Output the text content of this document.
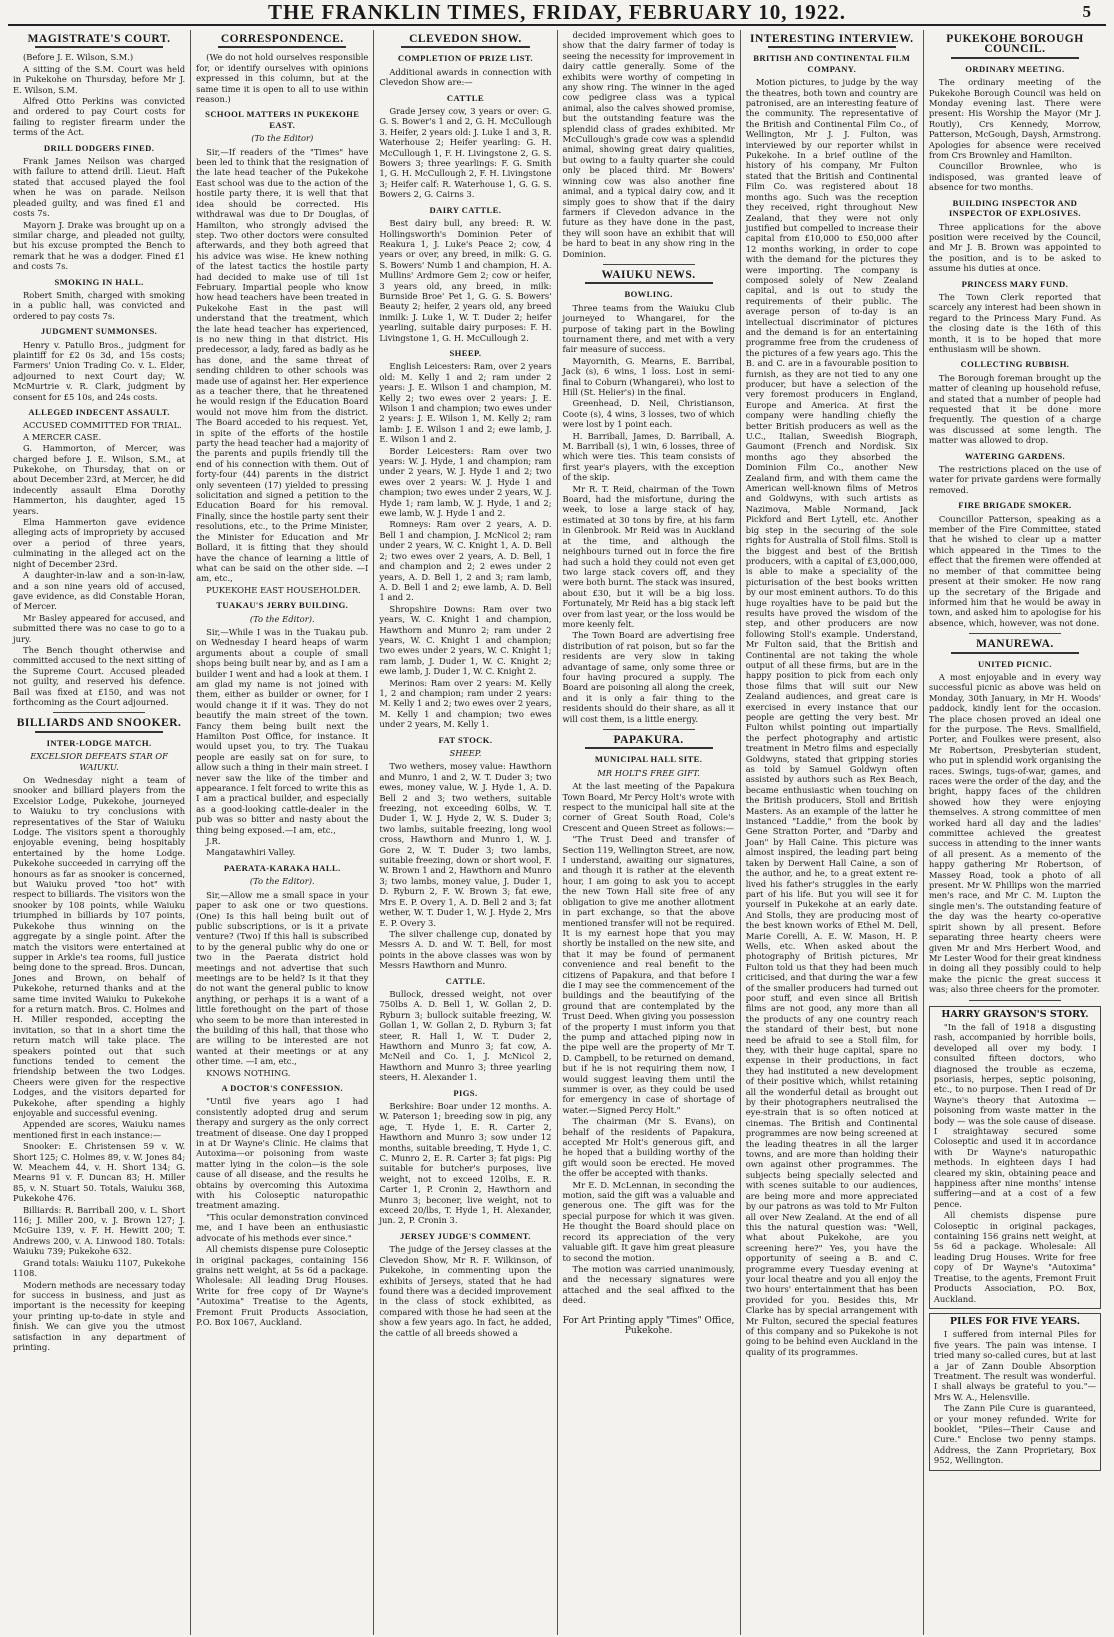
THE FRANKLIN TIMES, FRIDAY, FEBRUARY 10, 1922.	5
MAGISTRATE'S COURT.

(Before J. E. Wilson, S.M.)

A sitting of the S.M. Court was held in Pukekohe on Thursday, before Mr J. E. Wilson, S.M.

Alfred Otto Perkins was convicted and ordered to pay Court costs for failing to register firearm under the terms of the Act.

DRILL DODGERS FINED.

Frank James Neilson was charged with failure to attend drill. Lieut. Haft stated that accused played the fool when he was on parade. Neilson pleaded guilty, and was fined £1 and costs 7s.

Mayorn J. Drake was brought up on a similar charge, and pleaded not guilty, but his excuse prompted the Bench to remark that he was a dodger. Fined £1 and costs 7s.

SMOKING IN HALL.

Robert Smith, charged with smoking in a public hall, was convicted and ordered to pay costs 7s.

JUDGMENT SUMMONSES.

Henry v. Patullo Bros., judgment for plaintiff for £2 0s 3d, and 15s costs; Farmers' Union Trading Co. v. L. Elder, adjourned to next Court day; W. McMurtrie v. R. Clark, judgment by consent for £5 10s, and 24s costs.

ALLEGED INDECENT ASSAULT.

ACCUSED COMMITTED FOR TRIAL.

A MERCER CASE.

G. Hammorton, of Mercer, was charged before J. E. Wilson, S.M., at Pukekohe, on Thursday, that on or about December 23rd, at Mercer, he did indecently assault Elma Dorothy Hammerton, his daughter, aged 15 years.

Elma Hammerton gave evidence alleging acts of impropriety by accused over a period of three years, culminating in the alleged act on the night of December 23rd.

A daughter-in-law and a son-in-law, and a son nine years old of accused, gave evidence, as did Constable Horan, of Mercer.

Mr Basley appeared for accused, and submitted there was no case to go to a jury.

The Bench thought otherwise and committed accused to the next sitting of the Supreme Court. Accused pleaded not guilty, and reserved his defence. Bail was fixed at £150, and was not forthcoming as the Court adjourned.

BILLIARDS AND SNOOKER.
INTER-LODGE MATCH.
EXCELSIOR DEFEATS STAR OF WAIUKU.

On Wednesday night a team of snooker and billiard players from the Excelsior Lodge, Pukekohe, journeyed to Waiuku to try conclusions with representatives of the Star of Waiuku Lodge. The visitors spent a thoroughly enjoyable evening, being hospitably entertained by the home Lodge. Pukekohe succeeded in carrying off the honours as far as snooker is concerned, but Waiuku proved "too hot" with respect to billiards. The visitors won the snooker by 108 points, while Waiuku triumphed in billiards by 107 points, Pukekohe thus winning on the aggregate by a single point. After the match the visitors were entertained at supper in Arkle's tea rooms, full justice being done to the spread. Bros. Duncan, Jones and Brown, on behalf of Pukekohe, returned thanks and at the same time invited Waiuku to Pukekohe for a return match. Bros. C. Holmes and H. Miller responded, accepting the invitation, so that in a short time the return match will take place. The speakers pointed out that such functions tended to cement the friendship between the two Lodges. Cheers were given for the respective Lodges, and the visitors departed for Pukekohe, after spending a highly enjoyable and successful evening.

Appended are scores, Waiuku names mentioned first in each instance:—

Snooker: E. Christensen 59 v. W. Short 125; C. Holmes 89, v. W. Jones 84; W. Meachem 44, v. H. Short 134; G. Mearns 91 v. F. Duncan 83; H. Miller 85, v. N. Stuart 50. Totals, Waiuku 368, Pukekohe 476.

Billiards: R. Barriball 200, v. L. Short 116; J. Miller 200, v. J. Brown 127; J. McGuire 139, v. F. H. Hewitt 200; T. Andrews 200, v. A. Linwood 180. Totals: Waiuku 739; Pukekohe 632.

Grand totals: Waiuku 1107, Pukekohe 1108.

Modern methods are necessary today for success in business, and just as important is the necessity for keeping your printing up-to-date in style and finish. We can give you the utmost satisfaction in any department of printing.

CORRESPONDENCE.

(We do not hold ourselves responsible for, or identify ourselves with opinions expressed in this column, but at the same time it is open to all to use within reason.)

SCHOOL MATTERS IN PUKEKOHE EAST.
(To the Editor)

Sir,—If readers of the "Times" have been led to think that the resignation of the late head teacher of the Pukekohe East school was due to the action of the hostile party there, it is well that that idea should be corrected. His withdrawal was due to Dr Douglas, of Hamilton, who strongly advised the step. Two other doctors were consulted afterwards, and they both agreed that his advice was wise. He knew nothing of the latest tactics the hostile party had decided to make use of till 1st February. Impartial people who know how head teachers have been treated in Pukekohe East in the past will understand that the treatment, which the late head teacher has experienced, is no new thing in that district. His predecessor, a lady, fared as badly as he has done, and the same threat of sending children to other schools was made use of against her. Her experience as a teacher there, that he threatened he would resign if the Education Board would not move him from the district. The Board acceded to his request. Yet, in spite of the efforts of the hostile party the head teacher had a majority of the parents and pupils friendly till the end of his connection with them. Out of forty-four (44) parents in the district only seventeen (17) yielded to pressing solicitation and signed a petition to the Education Board for his removal. Finally, since the hostile party sent their resolutions, etc., to the Prime Minister, the Minister for Education and Mr Bollard, it is fitting that they should have the chance of learning a little of what can be said on the other side. —I am, etc.,

PUKEKOHE EAST HOUSEHOLDER.

TUAKAU'S JERRY BUILDING.
(To the Editor).

Sir,—While I was in the Tuakau pub. on Wednesday I heard heaps of warm arguments about a couple of small shops being built near by, and as I am a builder I went and had a look at them. I am glad my name is not joined with them, either as builder or owner, for I would change it if it was. They do not beautify the main street of the town. Fancy them being built next the Hamilton Post Office, for instance. It would upset you, to try. The Tuakau people are easily sat on for sure, to allow such a thing in their main street. I never saw the like of the timber and appearance. I felt forced to write this as I am a practical builder, and especially as a good-looking cattle-dealer in the pub was so bitter and nasty about the thing being exposed.—I am, etc.,

J.R.

Mangatawhiri Valley.

PAERATA-KARAKA HALL.
(To the Editor).

Sir,—Allow me a small space in your paper to ask one or two questions. (One) Is this hall being built out of public subscriptions, or is it a private venture? (Two) If this hall is subscribed to by the general public why do one or two in the Paerata district hold meetings and not advertise that such meetings are to be held? Is it that they do not want the general public to know anything, or perhaps it is a want of a little forethought on the part of those who seem to be more than interested in the building of this hall, that those who are willing to be interested are not wanted at their meetings or at any other time. —I am, etc.,

KNOWS NOTHING.

A DOCTOR'S CONFESSION.

"Until five years ago I had consistently adopted drug and serum therapy and surgery as the only correct treatment of disease. One day I propped in at Dr Wayne's Clinic. He claims that Autoxima—or poisoning from waste matter lying in the colon—is the sole cause of all disease, and the results he obtains by overcoming this Autoxima with his Coloseptic naturopathic treatment amazing.

"This ocular demonstration convinced me, and I have been an enthusiastic advocate of his methods ever since."

All chemists dispense pure Coloseptic in original packages, containing 156 grains nett weight, at 5s 6d a package. Wholesale: All leading Drug Houses. Write for free copy of Dr Wayne's "Autoxima" Treatise to the Agents, Fremont Fruit Products Association, P.O. Box 1067, Auckland.

CLEVEDON SHOW.
COMPLETION OF PRIZE LIST.

Additional awards in connection with Clevedon Show are:—

CATTLE

Grade Jersey cow, 3 years or over: G. G. S. Bower's 1 and 2, G. H. McCullough 3. Heifer, 2 years old: J. Luke 1 and 3, R. Waterhouse 2; Heifer yearling: G. H. McCullough 1, F. H. Livingstone 2, G. S. Bowers 3; three yearlings: F. G. Smith 1, G. H. McCullough 2, F. H. Livingstone 3; Heifer calf: R. Waterhouse 1, G. G. S. Bowers 2, G. Cairns 3.

DAIRY CATTLE.

Best dairy bull, any breed: R. W. Hollingsworth's Dominion Peter of Reakura 1, J. Luke's Peace 2; cow, 4 years or over, any breed, in milk: G. G. S. Bowers' Numb 1 and champion, H. A. Mullins' Ardmore Gem 2; cow or heifer, 3 years old, any breed, in milk: Burnside Broe' Pet 1, G. G. S. Bowers' Beauty 2; heifer, 2 years old, any breed inmilk: J. Luke 1, W. T. Duder 2; heifer yearling, suitable dairy purposes: F. H. Livingstone 1, G. H. McCullough 2.

SHEEP.

English Leicesters: Ram, over 2 years old: M. Kelly 1 and 2; ram under 2 years: J. E. Wilson 1 and champion, M. Kelly 2; two ewes over 2 years: J. E. Wilson 1 and champion; two ewes under 2 years: J. E. Wilson 1, M. Kelly 2; ram lamb: J. E. Wilson 1 and 2; ewe lamb, J. E. Wilson 1 and 2.

Border Leicesters: Ram over two years: W. J. Hyde, 1 and champion; ram under 2 years, W. J. Hyde 1 and 2; two ewes over 2 years: W. J. Hyde 1 and champion; two ewes under 2 years, W. J. Hyde 1; ram lamb, W. J. Hyde, 1 and 2; ewe lamb, W. J. Hyde 1 and 2.

Romneys: Ram over 2 years, A. D. Bell 1 and champion, J. McNicol 2; ram under 2 years, W. C. Knight 1, A. D. Bell 2; two ewes over 2 years, A. D. Bell, 1 and champion and 2; 2 ewes under 2 years, A. D. Bell 1, 2 and 3; ram lamb, A. D. Bell 1 and 2; ewe lamb, A. D. Bell 1 and 2.

Shropshire Downs: Ram over two years, W. C. Knight 1 and champion, Hawthorn and Munro 2; ram under 2 years, W. C. Knight 1 and champion; two ewes under 2 years, W. C. Knight 1; ram lamb, J. Duder 1, W. C. Knight 2; ewe lamb, J. Duder 1, W. C. Knight 2.

Merinos: Ram over 2 years: M. Kelly 1, 2 and champion; ram under 2 years: M. Kelly 1 and 2; two ewes over 2 years, M. Kelly 1 and champion; two ewes under 2 years, M. Kelly 1.

FAT STOCK.
SHEEP.

Two wethers, mosey value: Hawthorn and Munro, 1 and 2, W. T. Duder 3; two ewes, money value, W. J. Hyde 1, A. D. Bell 2 and 3; two wethers, suitable freezing, not exceeding 60lbs, W. T. Duder 1, W. J. Hyde 2, W. S. Duder 3; two lambs, suitable freezing, long wool cross, Hawthorn and Munro 1, W. J. Gore 2, W. T. Duder 3; two lambs, suitable freezing, down or short wool, F. W. Brown 1 and 2, Hawthorn and Munro 3; two lambs, money value, J. Duder 1, D. Ryburn 2, F. W. Brown 3; fat ewe, Mrs E. P. Overy 1, A. D. Bell 2 and 3; fat wether, W. T. Duder 1, W. J. Hyde 2, Mrs E. P. Overy 3.

The silver challenge cup, donated by Messrs A. D. and W. T. Bell, for most points in the above classes was won by Messrs Hawthorn and Munro.

CATTLE.

Bullock, dressed weight, not over 750lbs A. D. Bell 1, W. Gollan 2, D. Ryburn 3; bullock suitable freezing, W. Gollan 1, W. Gollan 2, D. Ryburn 3; fat steer, R. Hall 1, W. T. Duder 2, Hawthorn and Munro 3; fat cow, A. McNeil and Co. 1, J. McNicol 2, Hawthorn and Munro 3; three yearling steers, H. Alexander 1.

PIGS.

Berkshire: Boar under 12 months. A. W. Paterson 1; breeding sow in pig, any age, T. Hyde 1, E. R. Carter 2, Hawthorn and Munro 3; sow under 12 months, suitable breeding, T. Hyde 1, C. C. Munro 2, E. R. Carter 3; fat pigs: Pig suitable for butcher's purposes, live weight, not to exceed 120lbs, E. R. Carter 1, P. Cronin 2, Hawthorn and Munro 3; beconer, live weight, not to exceed 20/lbs, T. Hyde 1, H. Alexander, jun. 2, P. Cronin 3.

JERSEY JUDGE'S COMMENT.

The judge of the Jersey classes at the Clevedon Show, Mr R. F. Wilkinson, of Pukekohe, in commenting upon the exhibits of Jerseys, stated that he had found there was a decided improvement in the class of stock exhibited, as compared with those he had seen at the show a few years ago. In fact, he added, the cattle of all breeds showed a

decided improvement which goes to show that the dairy farmer of today is seeing the necessity for improvement in dairy cattle generally. Some of the exhibits were worthy of competing in any show ring. The winner in the aged cow pedigree class was a typical animal, also the calves showed promise, but the outstanding feature was the splendid class of grades exhibited. Mr McCullough's grade cow was a splendid animal, showing great dairy qualities, but owing to a faulty quarter she could only be placed third. Mr Bowers' winning cow was also another fine animal, and a typical dairy cow, and it simply goes to show that if the dairy farmers if Clevedon advance in the future as they have done in the past, they will soon have an exhibit that will be hard to beat in any show ring in the Dominion.

WAIUKU NEWS.
BOWLING.

Three teams from the Waiuku Club journeyed to Whangarei, for the purpose of taking part in the Bowling tournament there, and met with a very fair measure of success.

Mayornith, G. Mearns, E. Barribal, Jack (s), 6 wins, 1 loss. Lost in semi-final to Coburn (Whangarei), who lost to Hill (St. Helier's) in the final.

Greenhead, D. Neil, Christianson, Coote (s), 4 wins, 3 losses, two of which were lost by 1 point each.

H. Barriball, James, D. Barriball, A. M. Barriball (s), 1 win, 6 losses, three of which were ties. This team consists of first year's players, with the exception of the skip.

Mr R. T. Reid, chairman of the Town Board, had the misfortune, during the week, to lose a large stack of hay, estimated at 30 tons by fire, at his farm in Glenbrook. Mr Reid was in Auckland at the time, and although the neighbours turned out in force the fire had such a hold they could not even get two large stack covers off, and they were both burnt. The stack was insured, about £30, but it will be a big loss. Fortunately, Mr Reid has a big stack left over from last year, or the loss would be more keenly felt.

The Town Board are advertising free distribution of rat poison, but so far the residents are very slow in taking advantage of same, only some three or four having procured a supply. The Board are poisoning all along the creek, and it is only a fair thing to the residents should do their share, as all it will cost them, is a little energy.

PAPAKURA.
MUNICIPAL HALL SITE.
MR HOLT'S FREE GIFT.

At the last meeting of the Papakura Town Board, Mr Percy Holt's wrote with respect to the municipal hall site at the corner of Great South Road, Cole's Crescent and Queen Street as follows:—

"The Trust Deed and transfer of Section 119, Wellington Street, are now, I understand, awaiting our signatures, and though it is rather at the eleventh hour, I am going to ask you to accept the new Town Hall site free of any obligation to give me another allotment in part exchange, so that the above mentioned transfer will not be required. It is my earnest hope that you may shortly be installed on the new site, and that it may be found of permanent convenience and real benefit to the citizens of Papakura, and that before I die I may see the commencement of the buildings and the beautifying of the ground that are contemplated by the Trust Deed. When giving you possession of the property I must inform you that the pump and attached piping now in the pipe well are the property of Mr T. D. Campbell, to be returned on demand, but if he is not requiring them now, I would suggest leaving them until the summer is over, as they could be used for emergency in case of shortage of water.—Signed Percy Holt."

The chairman (Mr S. Evans), on behalf of the residents of Papakura, accepted Mr Holt's generous gift, and he hoped that a building worthy of the gift would soon be erected. He moved the offer be accepted with thanks.

Mr E. D. McLennan, in seconding the motion, said the gift was a valuable and generous one. The gift was for the special purpose for which it was given. He thought the Board should place on record its appreciation of the very valuable gift. It gave him great pleasure to second the motion.

The motion was carried unanimously, and the necessary signatures were attached and the seal affixed to the deed.

For Art Printing apply "Times" Office, Pukekohe.
INTERESTING INTERVIEW.
BRITISH AND CONTINENTAL FILM COMPANY.

Motion pictures, to judge by the way the theatres, both town and country are patronised, are an interesting feature of the community. The representative of the British and Continental Film Co., of Wellington, Mr J. J. Fulton, was interviewed by our reporter whilst in Pukekohe. In a brief outline of the history of his company, Mr Fulton stated that the British and Continental Film Co. was registered about 18 months ago. Such was the reception they received, right throughout New Zealand, that they were not only justified but compelled to increase their capital from £10,000 to £50,000 after 12 months working, in order to cope with the demand for the pictures they were importing. The company is composed solely of New Zealand capital, and is out to study the requirements of their public. The average person of to-day is an intellectual discriminator of pictures and the demand is for an entertaining programme free from the crudeness of the pictures of a few years ago. This the B. and C. are in a favourable position to furnish, as they are not tied to any one producer, but have a selection of the very foremost producers in England, Europe and America. At first the company were handling chiefly the better British producers as well as the U.C., Italian, Sweedish Biograph, Gaumont (French and Nordisk. Six months ago they absorbed the Dominion Film Co., another New Zealand firm, and with them came the American well-known films of Metros and Goldwyns, with such artists as Nazimova, Mable Normand, Jack Pickford and Bert Lytell, etc. Another big step in the securing of the sole rights for Australia of Stoll films. Stoll is the biggest and best of the British producers, with a capital of £3,000,000, is able to make a speciality of the picturisation of the best books written by our most eminent authors. To do this huge royalties have to be paid but the results have proved the wisdom of the step, and other producers are now following Stoll's example. Understand, Mr Fulton said, that the British and Continental are not taking the whole output of all these firms, but are in the happy position to pick from each only those films that will suit our New Zealand audiences, and great care is exercised in every instance that our people are getting the very best. Mr Fulton whilst pointing out impartially the perfect photography and artistic treatment in Metro films and especially Goldwyns, stated that gripping stories as told by Samuel Goldwyn often assisted by authors such as Rex Beach, became enthusiastic when touching on the British producers, Stoll and British Masters. As an example of the latter he instanced "Laddie," from the book by Gene Stratton Porter, and "Darby and Joan" by Hall Caine. This picture was almost inspired, the leading part being taken by Derwent Hall Caine, a son of the author, and he, to a great extent re-lived his father's struggles in the early part of his life. But you will see it for yourself in Pukekohe at an early date. And Stolls, they are producing most of the best known works of Ethel M. Dell, Marie Corelli, A. E. W. Mason, H. P. Wells, etc. When asked about the photography of British pictures, Mr Fulton told us that they had been much criticised, and that during the war a few of the smaller producers had turned out poor stuff, and even since all British films are not good, any more than all the products of any one country reach the standard of their best, but none need be afraid to see a Stoll film, for they, with their huge capital, spare no expense in their productions, in fact they had instituted a new development of their positive which, whilst retaining all the wonderful detail as brought out by their photographers neutralised the eye-strain that is so often noticed at cinemas. The British and Continental programmes are now being screened at the leading theatres in all the larger towns, and are more than holding their own against other programmes. The subjects being specially selected and with scenes suitable to our audiences, are being more and more appreciated by our patrons as was told to Mr Fulton all over New Zealand. At the end of all this the natural question was: "Well, what about Pukekohe, are you screening here?" Yes, you have the opportunity of seeing a B. and C. programme every Tuesday evening at your local theatre and you all enjoy the two hours' entertainment that has been provided for you. Besides this, Mr Clarke has by special arrangement with Mr Fulton, secured the special features of this company and so Pukekohe is not going to be behind even Auckland in the quality of its programmes.

PUKEKOHE BOROUGH COUNCIL.
ORDINARY MEETING.

The ordinary meeting of the Pukekohe Borough Council was held on Monday evening last. There were present: His Worship the Mayor (Mr J. Routly), Crs Kennedy, Morrow, Patterson, McGough, Daysh, Armstrong. Apologies for absence were received from Crs Brownley and Hamilton.

Councillor Brownlee, who is indisposed, was granted leave of absence for two months.

BUILDING INSPECTOR AND INSPECTOR OF EXPLOSIVES.

Three applications for the above position were received by the Council, and Mr J. B. Brown was appointed to the position, and is to be asked to assume his duties at once.

PRINCESS MARY FUND.

The Town Clerk reported that scarcely any interest had been shown in regard to the Princess Mary Fund. As the closing date is the 16th of this month, it is to be hoped that more enthusiasm will be shown.

COLLECTING RUBBISH.

The Borough foreman brought up the matter of cleaning up household refuse, and stated that a number of people had requested that it be done more frequently. The question of a charge was discussed at some length. The matter was allowed to drop.

WATERING GARDENS.

The restrictions placed on the use of water for private gardens were formally removed.

FIRE BRIGADE SMOKER.

Councillor Patterson, speaking as a member of the Fire Committee, stated that he wished to clear up a matter which appeared in the Times to the effect that the firemen were offended at no member of that committee being present at their smoker. He now rang up the secretary of the Brigade and informed him that he would be away in town, and asked him to apologise for his absence, which, however, was not done.

MANUREWA.
UNITED PICNIC.

A most enjoyable and in every way successful picnic as above was held on Monday, 30th January, in Mr H. Woods' paddock, kindly lent for the occasion. The place chosen proved an ideal one for the purpose. The Revs. Smallfield, Porter, and Foulkes were present, also Mr Robertson, Presbyterian student, who put in splendid work organising the races. Swings, tugs-of-war, games, and races were the order of the day, and the bright, happy faces of the children showed how they were enjoying themselves. A strong committee of men worked hard all day and the ladies' committee achieved the greatest success in attending to the inner wants of all present. As a memento of the happy gathering Mr Robertson, of Massey Road, took a photo of all present. Mr W. Phillips won the married men's race, and Mr C. M. Lupton the single men's. The outstanding feature of the day was the hearty co-operative spirit shown by all present. Before separating three hearty cheers were given Mr and Mrs Herbert Wood, and Mr Lester Wood for their great kindness in doing all they possibly could to help make the picnic the great success it was; also three cheers for the promoter.

HARRY GRAYSON'S STORY.

"In the fall of 1918 a disgusting rash, accompanied by horrible boils, developed all over my body. I consulted fifteen doctors, who diagnosed the trouble as eczema, psoriasis, herpes, septic poisoning, etc., to no purpose. Then I read of Dr Wayne's theory that Autoxima — poisoning from waste matter in the body — was the sole cause of disease. I straightaway secured some Coloseptic and used it in accordance with Dr Wayne's naturopathic methods. In eighteen days I had cleared my skin, obtaining peace and happiness after nine months' intense suffering—and at a cost of a few pence.

All chemists dispense pure Coloseptic in original packages, containing 156 grains nett weight, at 5s 6d a package. Wholesale: All leading Drug Houses. Write for free copy of Dr Wayne's "Autoxima" Treatise, to the agents, Fremont Fruit Products Association, P.O. Box, Auckland.

PILES FOR FIVE YEARS.

I suffered from internal Piles for five years. The pain was intense. I tried many so-called cures, but at last a jar of Zann Double Absorption Treatment. The result was wonderful. I shall always be grateful to you."—Mrs W. A., Helensville.

The Zann Pile Cure is guaranteed, or your money refunded. Write for booklet, "Piles—Their Cause and Cure." Enclose two penny stamps. Address, the Zann Proprietary, Box 952, Wellington.
